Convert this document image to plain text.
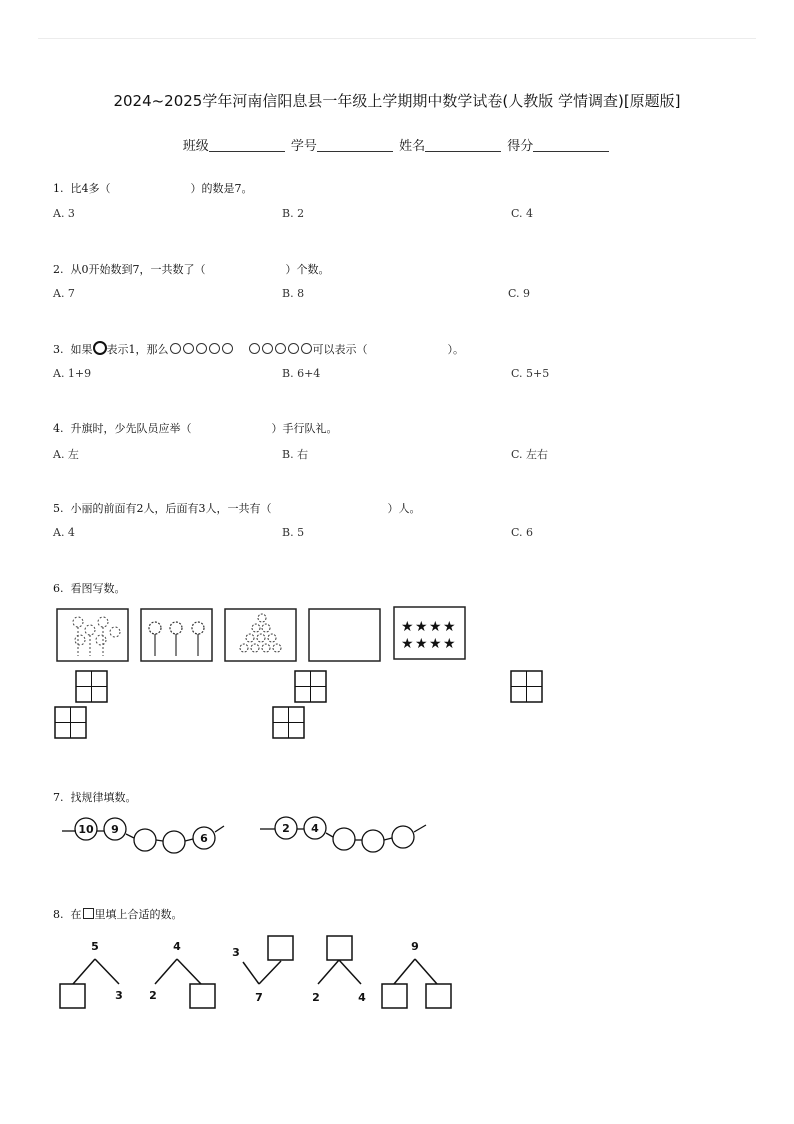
2024~2025学年河南信阳息县一年级上学期期中数学试卷(人教版 学情调查)[原题版]
班级	学号	姓名	得分
1. 比4多（	）的数是7。
A. 3	B. 2	C. 4
2. 从0开始数到7，一共数了（	）个数。
A. 7	B. 8	C. 9
3. 如果 表示1，那么	可以表示（	）。
A. 1+9	B. 6+4	C. 5+5
4. 升旗时，少先队员应举（	）手行队礼。
A. 左	B. 右	C. 左右
5. 小丽的前面有2人，后面有3人，一共有（	）人。
A. 4	B. 5	C. 6
6. 看图写数。
7. 找规律填数。
8. 在 里填上合适的数。
★ ★ ★ ★
★ ★ ★ ★
10 9
6
2 4
5
3
4
2
3
7	2	4
9
